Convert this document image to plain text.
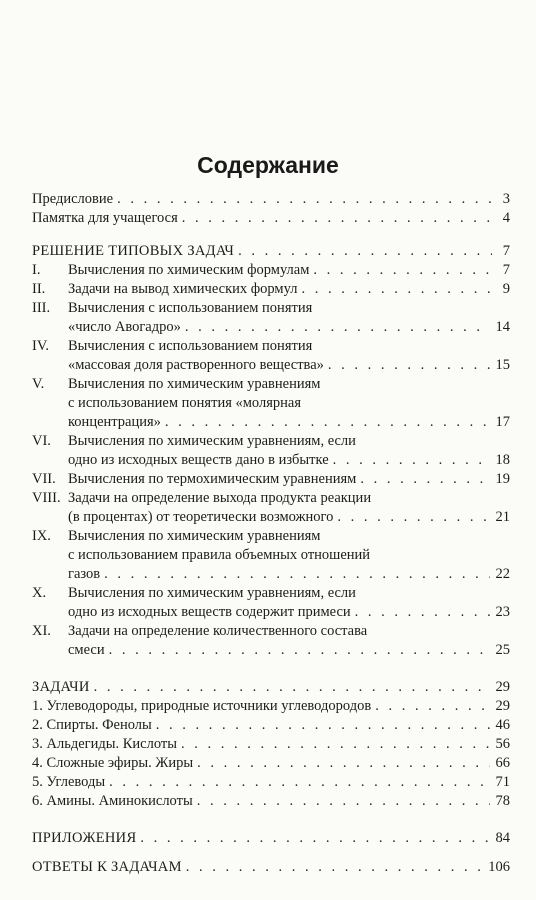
Содержание
Предисловие . . .	3
Памятка для учащегося . . .	4
РЕШЕНИЕ ТИПОВЫХ ЗАДАЧ . . .	7
I.	Вычисления по химическим формулам . . .	7
II.	Задачи на вывод химических формул . . .	9
III.	Вычисления с использованием понятия
«число Авогадро» . . .	14
IV.	Вычисления с использованием понятия
«массовая доля растворенного вещества» . . .	15
V.	Вычисления по химическим уравнениям
с использованием понятия «молярная
концентрация» . . .	17
VI.	Вычисления по химическим уравнениям, если
одно из исходных веществ дано в избытке . . .	18
VII. Вычисления по термохимическим уравнениям . . .	19
VIII. Задачи на определение выхода продукта реакции
(в процентах) от теоретически возможного . . .	21
IX.	Вычисления по химическим уравнениям
с использованием правила объемных отношений
газов . . .	22
X.	Вычисления по химическим уравнениям, если
одно из исходных веществ содержит примеси . . .	23
XI.	Задачи на определение количественного состава
смеси . . .	25
ЗАДАЧИ . . .	29
1. Углеводороды, природные источники углеводородов . . .	29
2. Спирты. Фенолы . . .	46
3. Альдегиды. Кислоты . . .	56
4. Сложные эфиры. Жиры . . .	66
5. Углеводы . . .	71
6. Амины. Аминокислоты . . .	78
ПРИЛОЖЕНИЯ . . .	84
ОТВЕТЫ К ЗАДАЧАМ . . .	106
